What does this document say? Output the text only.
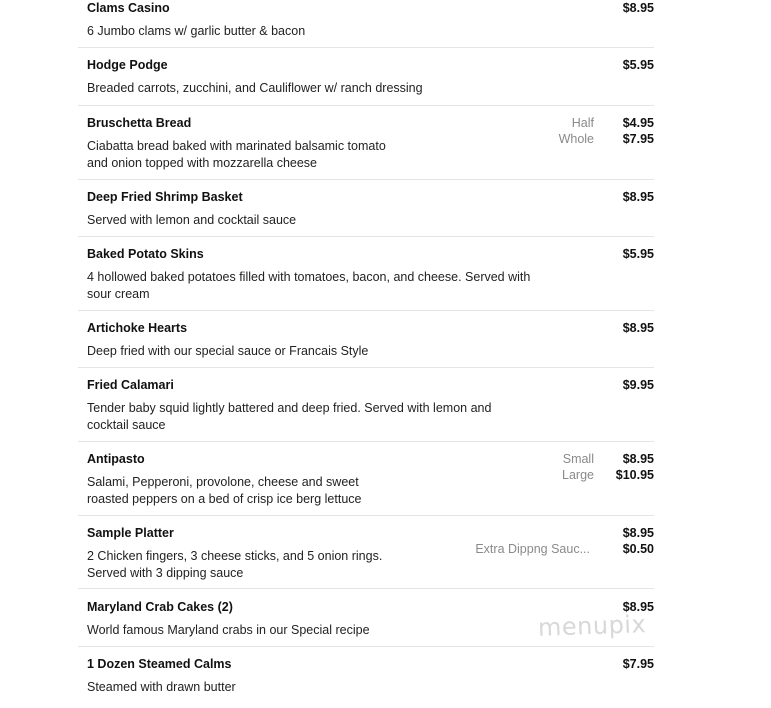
Clams Casino
6 Jumbo clams w/ garlic butter & bacon
$8.95
Hodge Podge
Breaded carrots, zucchini, and Cauliflower w/ ranch dressing
$5.95
Bruschetta Bread
Ciabatta bread baked with marinated balsamic tomato and onion topped with mozzarella cheese
Half $4.95
Whole $7.95
Deep Fried Shrimp Basket
Served with lemon and cocktail sauce
$8.95
Baked Potato Skins
4 hollowed baked potatoes filled with tomatoes, bacon, and cheese. Served with sour cream
$5.95
Artichoke Hearts
Deep fried with our special sauce or Francais Style
$8.95
Fried Calamari
Tender baby squid lightly battered and deep fried. Served with lemon and cocktail sauce
$9.95
Antipasto
Salami, Pepperoni, provolone, cheese and sweet roasted peppers on a bed of crisp ice berg lettuce
Small $8.95
Large $10.95
Sample Platter
2 Chicken fingers, 3 cheese sticks, and 5 onion rings. Served with 3 dipping sauce
$8.95
Extra Dippng Sauc...	$0.50
Maryland Crab Cakes (2)
World famous Maryland crabs in our Special recipe
$8.95
1 Dozen Steamed Calms
Steamed with drawn butter
$7.95
menupix
